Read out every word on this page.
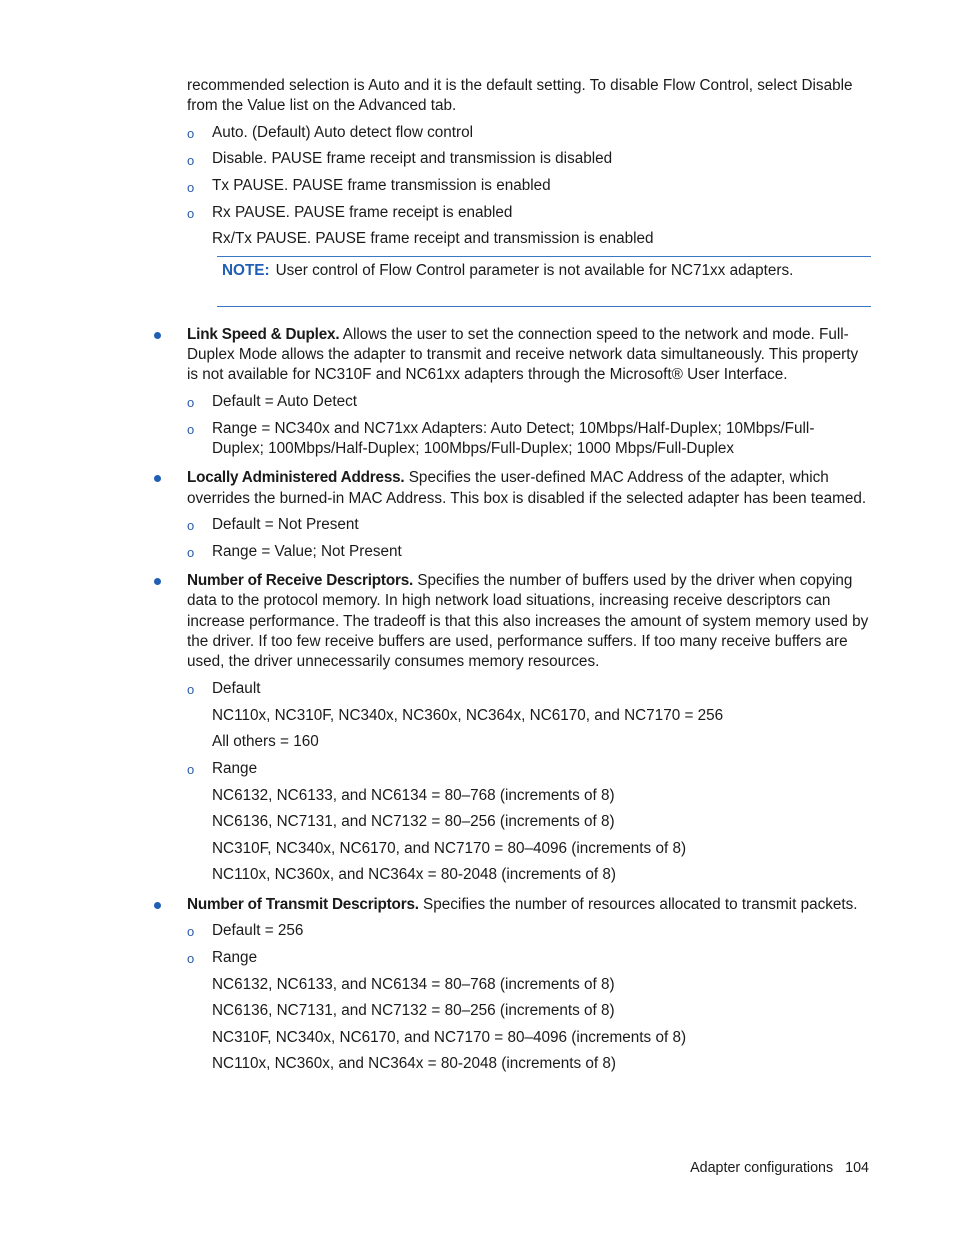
recommended selection is Auto and it is the default setting. To disable Flow Control, select Disable
from the Value list on the Advanced tab.
o Auto. (Default) Auto detect flow control
o Disable. PAUSE frame receipt and transmission is disabled
o Tx PAUSE. PAUSE frame transmission is enabled
o Rx PAUSE. PAUSE frame receipt is enabled
Rx/Tx PAUSE. PAUSE frame receipt and transmission is enabled
NOTE: User control of Flow Control parameter is not available for NC71xx adapters.
Link Speed & Duplex. Allows the user to set the connection speed to the network and mode. Full-
Duplex Mode allows the adapter to transmit and receive network data simultaneously. This property
is not available for NC310F and NC61xx adapters through the Microsoft® User Interface.
o Default = Auto Detect
o Range = NC340x and NC71xx Adapters: Auto Detect; 10Mbps/Half-Duplex; 10Mbps/Full-
Duplex; 100Mbps/Half-Duplex; 100Mbps/Full-Duplex; 1000 Mbps/Full-Duplex
Locally Administered Address. Specifies the user-defined MAC Address of the adapter, which
overrides the burned-in MAC Address. This box is disabled if the selected adapter has been teamed.
o Default = Not Present
o Range = Value; Not Present
Number of Receive Descriptors. Specifies the number of buffers used by the driver when copying
data to the protocol memory. In high network load situations, increasing receive descriptors can
increase performance. The tradeoff is that this also increases the amount of system memory used by
the driver. If too few receive buffers are used, performance suffers. If too many receive buffers are
used, the driver unnecessarily consumes memory resources.
o Default
NC110x, NC310F, NC340x, NC360x, NC364x, NC6170, and NC7170 = 256
All others = 160
o Range
NC6132, NC6133, and NC6134 = 80–768 (increments of 8)
NC6136, NC7131, and NC7132 = 80–256 (increments of 8)
NC310F, NC340x, NC6170, and NC7170 = 80–4096 (increments of 8)
NC110x, NC360x, and NC364x = 80-2048 (increments of 8)
Number of Transmit Descriptors. Specifies the number of resources allocated to transmit packets.
o Default = 256
o Range
NC6132, NC6133, and NC6134 = 80–768 (increments of 8)
NC6136, NC7131, and NC7132 = 80–256 (increments of 8)
NC310F, NC340x, NC6170, and NC7170 = 80–4096 (increments of 8)
NC110x, NC360x, and NC364x = 80-2048 (increments of 8)
Adapter configurations 104
